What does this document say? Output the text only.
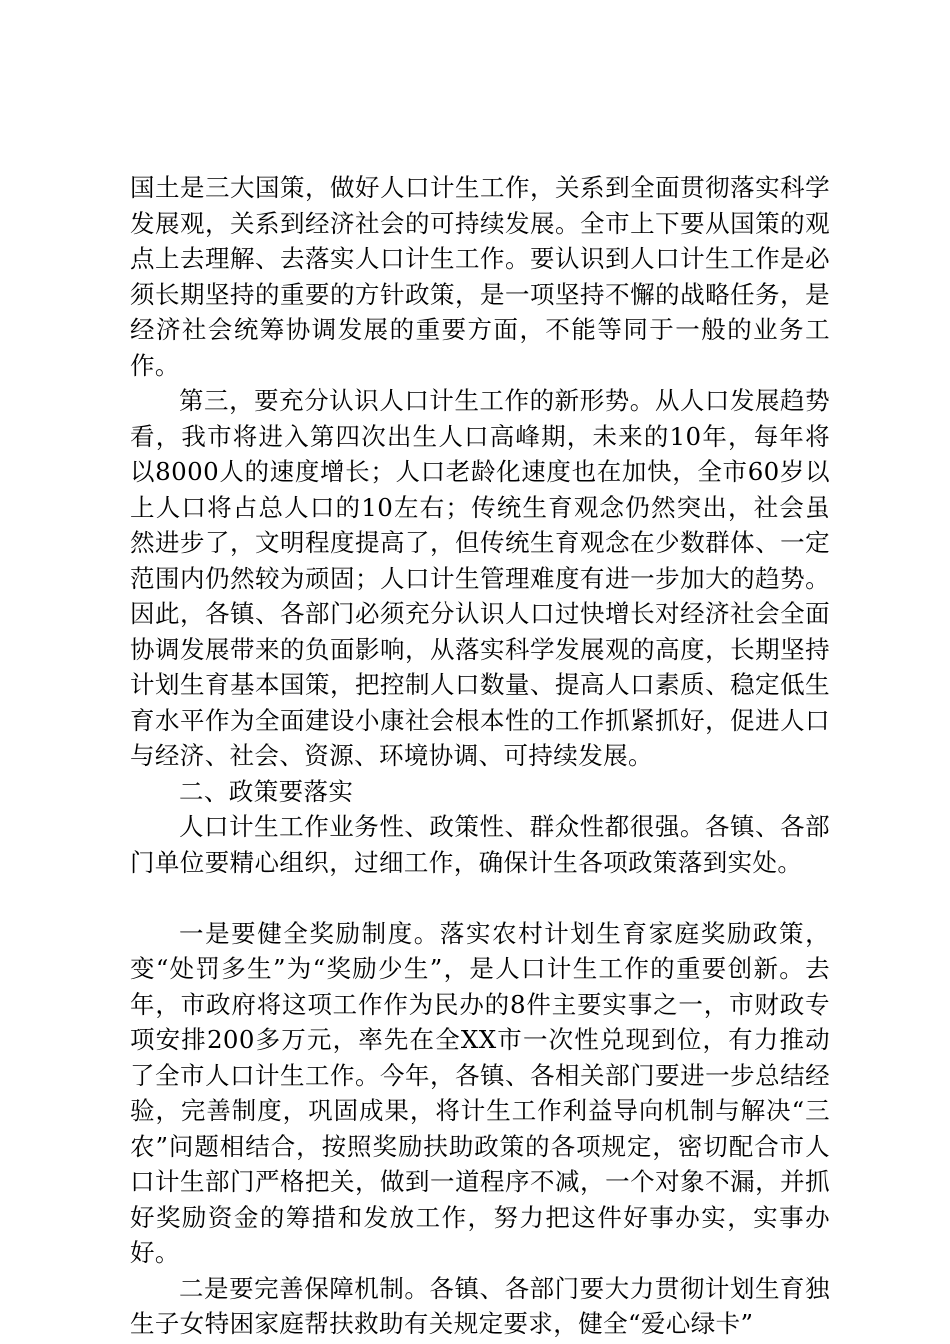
国土是三大国策，做好人口计生工作，关系到全面贯彻落实科学发展观，关系到经济社会的可持续发展。全市上下要从国策的观点上去理解、去落实人口计生工作。要认识到人口计生工作是必须长期坚持的重要的方针政策，是一项坚持不懈的战略任务，是经济社会统筹协调发展的重要方面，不能等同于一般的业务工作。

第三，要充分认识人口计生工作的新形势。从人口发展趋势看，我市将进入第四次出生人口高峰期，未来的10年，每年将以8000人的速度增长；人口老龄化速度也在加快，全市60岁以上人口将占总人口的10左右；传统生育观念仍然突出，社会虽然进步了，文明程度提高了，但传统生育观念在少数群体、一定范围内仍然较为顽固；人口计生管理难度有进一步加大的趋势。因此，各镇、各部门必须充分认识人口过快增长对经济社会全面协调发展带来的负面影响，从落实科学发展观的高度，长期坚持计划生育基本国策，把控制人口数量、提高人口素质、稳定低生育水平作为全面建设小康社会根本性的工作抓紧抓好，促进人口与经济、社会、资源、环境协调、可持续发展。

二、政策要落实

人口计生工作业务性、政策性、群众性都很强。各镇、各部门单位要精心组织，过细工作，确保计生各项政策落到实处。

一是要健全奖励制度。落实农村计划生育家庭奖励政策，变“处罚多生”为“奖励少生”，是人口计生工作的重要创新。去年，市政府将这项工作作为民办的8件主要实事之一，市财政专项安排200多万元，率先在全XX市一次性兑现到位，有力推动了全市人口计生工作。今年，各镇、各相关部门要进一步总结经验，完善制度，巩固成果，将计生工作利益导向机制与解决“三农”问题相结合，按照奖励扶助政策的各项规定，密切配合市人口计生部门严格把关，做到一道程序不减，一个对象不漏，并抓好奖励资金的筹措和发放工作，努力把这件好事办实，实事办好。

二是要完善保障机制。各镇、各部门要大力贯彻计划生育独生子女特困家庭帮扶救助有关规定要求，健全“爱心绿卡”
